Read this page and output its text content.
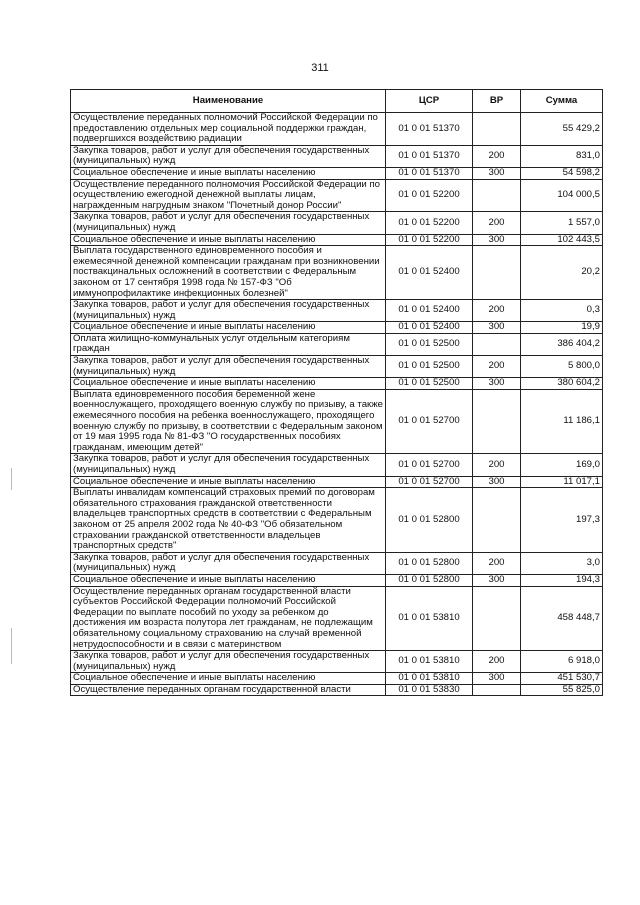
311
Наименование	ЦСР	ВР	Сумма
Осуществление переданных полномочий Российской Федерации по предоставлению отдельных мер социальной поддержки граждан, подвергшихся воздействию радиации	01 0 01 51370		55 429,2
Закупка товаров, работ и услуг для обеспечения государственных (муниципальных) нужд	01 0 01 51370	200	831,0
Социальное обеспечение и иные выплаты населению	01 0 01 51370	300	54 598,2
Осуществление переданного полномочия Российской Федерации по осуществлению ежегодной денежной выплаты лицам, награжденным нагрудным знаком "Почетный донор России"	01 0 01 52200		104 000,5
Закупка товаров, работ и услуг для обеспечения государственных (муниципальных) нужд	01 0 01 52200	200	1 557,0
Социальное обеспечение и иные выплаты населению	01 0 01 52200	300	102 443,5
Выплата государственного единовременного пособия и ежемесячной денежной компенсации гражданам при возникновении поствакцинальных осложнений в соответствии с Федеральным законом от 17 сентября 1998 года № 157-ФЗ "Об иммунопрофилактике инфекционных болезней"	01 0 01 52400		20,2
Закупка товаров, работ и услуг для обеспечения государственных (муниципальных) нужд	01 0 01 52400	200	0,3
Социальное обеспечение и иные выплаты населению	01 0 01 52400	300	19,9
Оплата жилищно-коммунальных услуг отдельным категориям граждан	01 0 01 52500		386 404,2
Закупка товаров, работ и услуг для обеспечения государственных (муниципальных) нужд	01 0 01 52500	200	5 800,0
Социальное обеспечение и иные выплаты населению	01 0 01 52500	300	380 604,2
Выплата единовременного пособия беременной жене военнослужащего, проходящего военную службу по призыву, а также ежемесячного пособия на ребенка военнослужащего, проходящего военную службу по призыву, в соответствии с Федеральным законом от 19 мая 1995 года № 81-ФЗ "О государственных пособиях гражданам, имеющим детей"	01 0 01 52700		11 186,1
Закупка товаров, работ и услуг для обеспечения государственных (муниципальных) нужд	01 0 01 52700	200	169,0
Социальное обеспечение и иные выплаты населению	01 0 01 52700	300	11 017,1
Выплаты инвалидам компенсаций страховых премий по договорам обязательного страхования гражданской ответственности владельцев транспортных средств в соответствии с Федеральным законом от 25 апреля 2002 года № 40-ФЗ "Об обязательном страховании гражданской ответственности владельцев транспортных средств"	01 0 01 52800		197,3
Закупка товаров, работ и услуг для обеспечения государственных (муниципальных) нужд	01 0 01 52800	200	3,0
Социальное обеспечение и иные выплаты населению	01 0 01 52800	300	194,3
Осуществление переданных органам государственной власти субъектов Российской Федерации полномочий Российской Федерации по выплате пособий по уходу за ребенком до достижения им возраста полутора лет гражданам, не подлежащим обязательному социальному страхованию на случай временной нетрудоспособности и в связи с материнством	01 0 01 53810		458 448,7
Закупка товаров, работ и услуг для обеспечения государственных (муниципальных) нужд	01 0 01 53810	200	6 918,0
Социальное обеспечение и иные выплаты населению	01 0 01 53810	300	451 530,7
Осуществление переданных органам государственной власти	01 0 01 53830		55 825,0
